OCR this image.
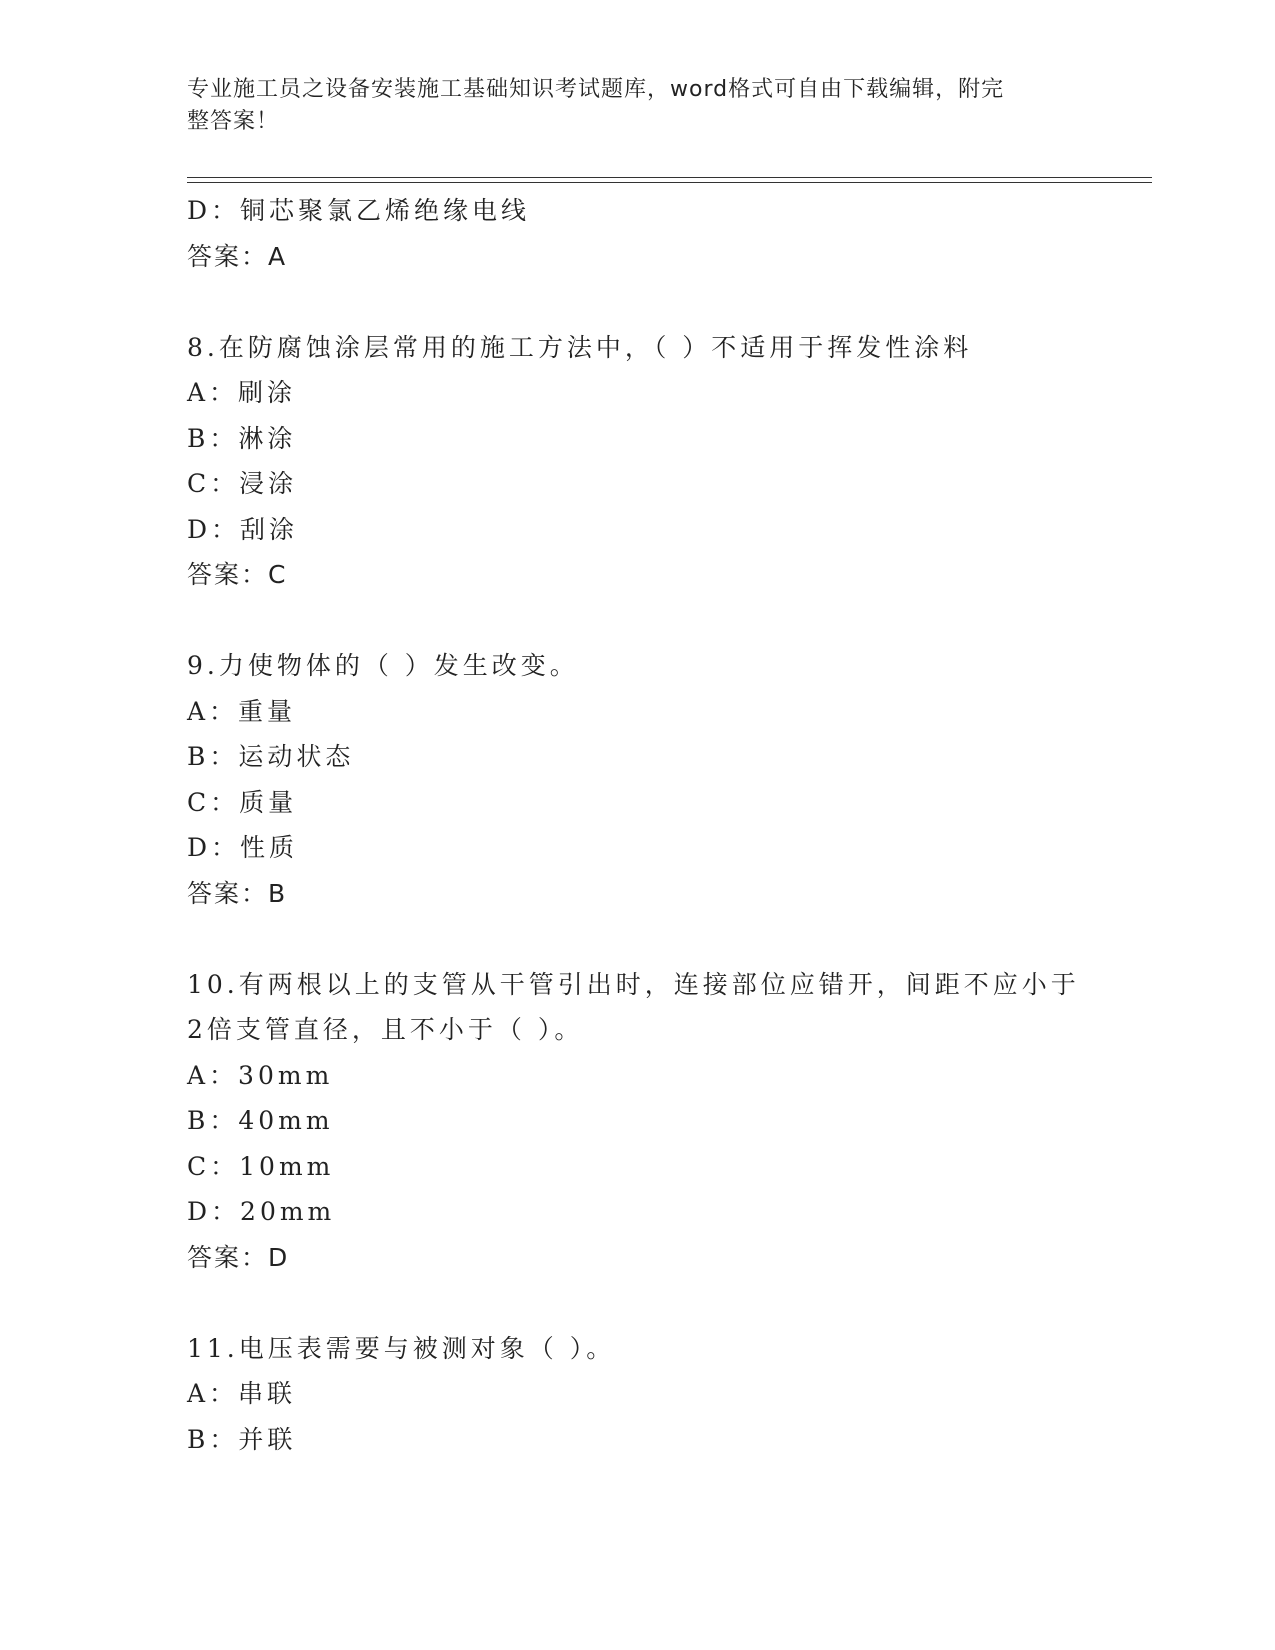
专业施工员之设备安装施工基础知识考试题库，word格式可自由下载编辑，附完
整答案！
D：铜芯聚氯乙烯绝缘电线
答案：A
8.在防腐蚀涂层常用的施工方法中，（ ）不适用于挥发性涂料
A：刷涂
B：淋涂
C：浸涂
D：刮涂
答案：C
9.力使物体的（ ）发生改变。
A：重量
B：运动状态
C：质量
D：性质
答案：B
10.有两根以上的支管从干管引出时，连接部位应错开，间距不应小于
2倍支管直径，且不小于（ ）。
A：30mm
B：40mm
C：10mm
D：20mm
答案：D
11.电压表需要与被测对象（ ）。
A：串联
B：并联
